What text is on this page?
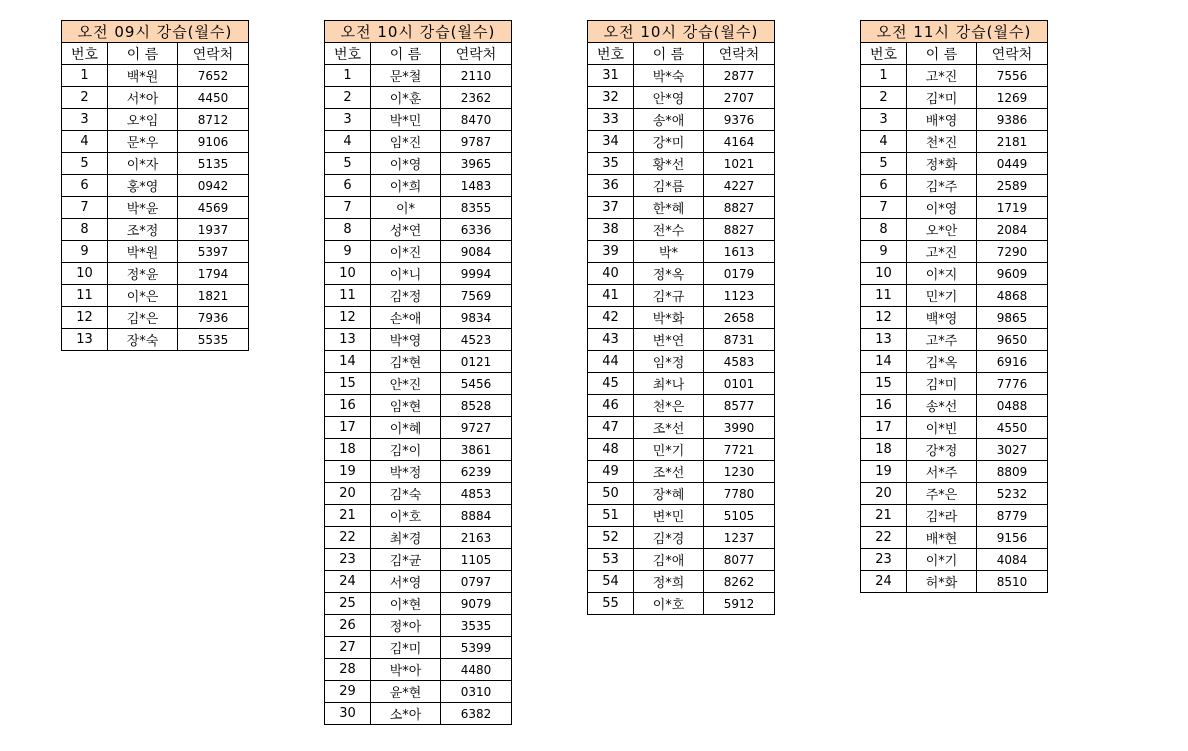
오전 09시 강습(월수)		
번호	이 름	연락처
1	백*원	7652
2	서*아	4450
3	오*임	8712
4	문*우	9106
5	이*자	5135
6	홍*영	0942
7	박*윤	4569
8	조*정	1937
9	박*원	5397
10	정*윤	1794
11	이*은	1821
12	김*은	7936
13	장*숙	5535
오전 10시 강습(월수)		
번호	이 름	연락처
1	문*철	2110
2	이*훈	2362
3	박*민	8470
4	임*진	9787
5	이*영	3965
6	이*희	1483
7	이*	8355
8	성*연	6336
9	이*진	9084
10	이*니	9994
11	김*정	7569
12	손*애	9834
13	박*영	4523
14	김*현	0121
15	안*진	5456
16	임*현	8528
17	이*혜	9727
18	김*이	3861
19	박*정	6239
20	김*숙	4853
21	이*호	8884
22	최*경	2163
23	김*균	1105
24	서*영	0797
25	이*현	9079
26	정*아	3535
27	김*미	5399
28	박*아	4480
29	윤*현	0310
30	소*아	6382
오전 10시 강습(월수)		
번호	이 름	연락처
31	박*숙	2877
32	안*영	2707
33	송*애	9376
34	강*미	4164
35	황*선	1021
36	김*름	4227
37	한*혜	8827
38	전*수	8827
39	박*	1613
40	정*옥	0179
41	김*규	1123
42	박*화	2658
43	변*연	8731
44	임*정	4583
45	최*나	0101
46	천*은	8577
47	조*선	3990
48	민*기	7721
49	조*선	1230
50	장*혜	7780
51	변*민	5105
52	김*경	1237
53	김*애	8077
54	정*희	8262
55	이*호	5912
오전 11시 강습(월수)		
번호	이 름	연락처
1	고*진	7556
2	김*미	1269
3	배*영	9386
4	천*진	2181
5	정*화	0449
6	김*주	2589
7	이*영	1719
8	오*안	2084
9	고*진	7290
10	이*지	9609
11	민*기	4868
12	백*영	9865
13	고*주	9650
14	김*옥	6916
15	김*미	7776
16	송*선	0488
17	이*빈	4550
18	강*정	3027
19	서*주	8809
20	주*은	5232
21	김*라	8779
22	배*현	9156
23	이*기	4084
24	허*화	8510
